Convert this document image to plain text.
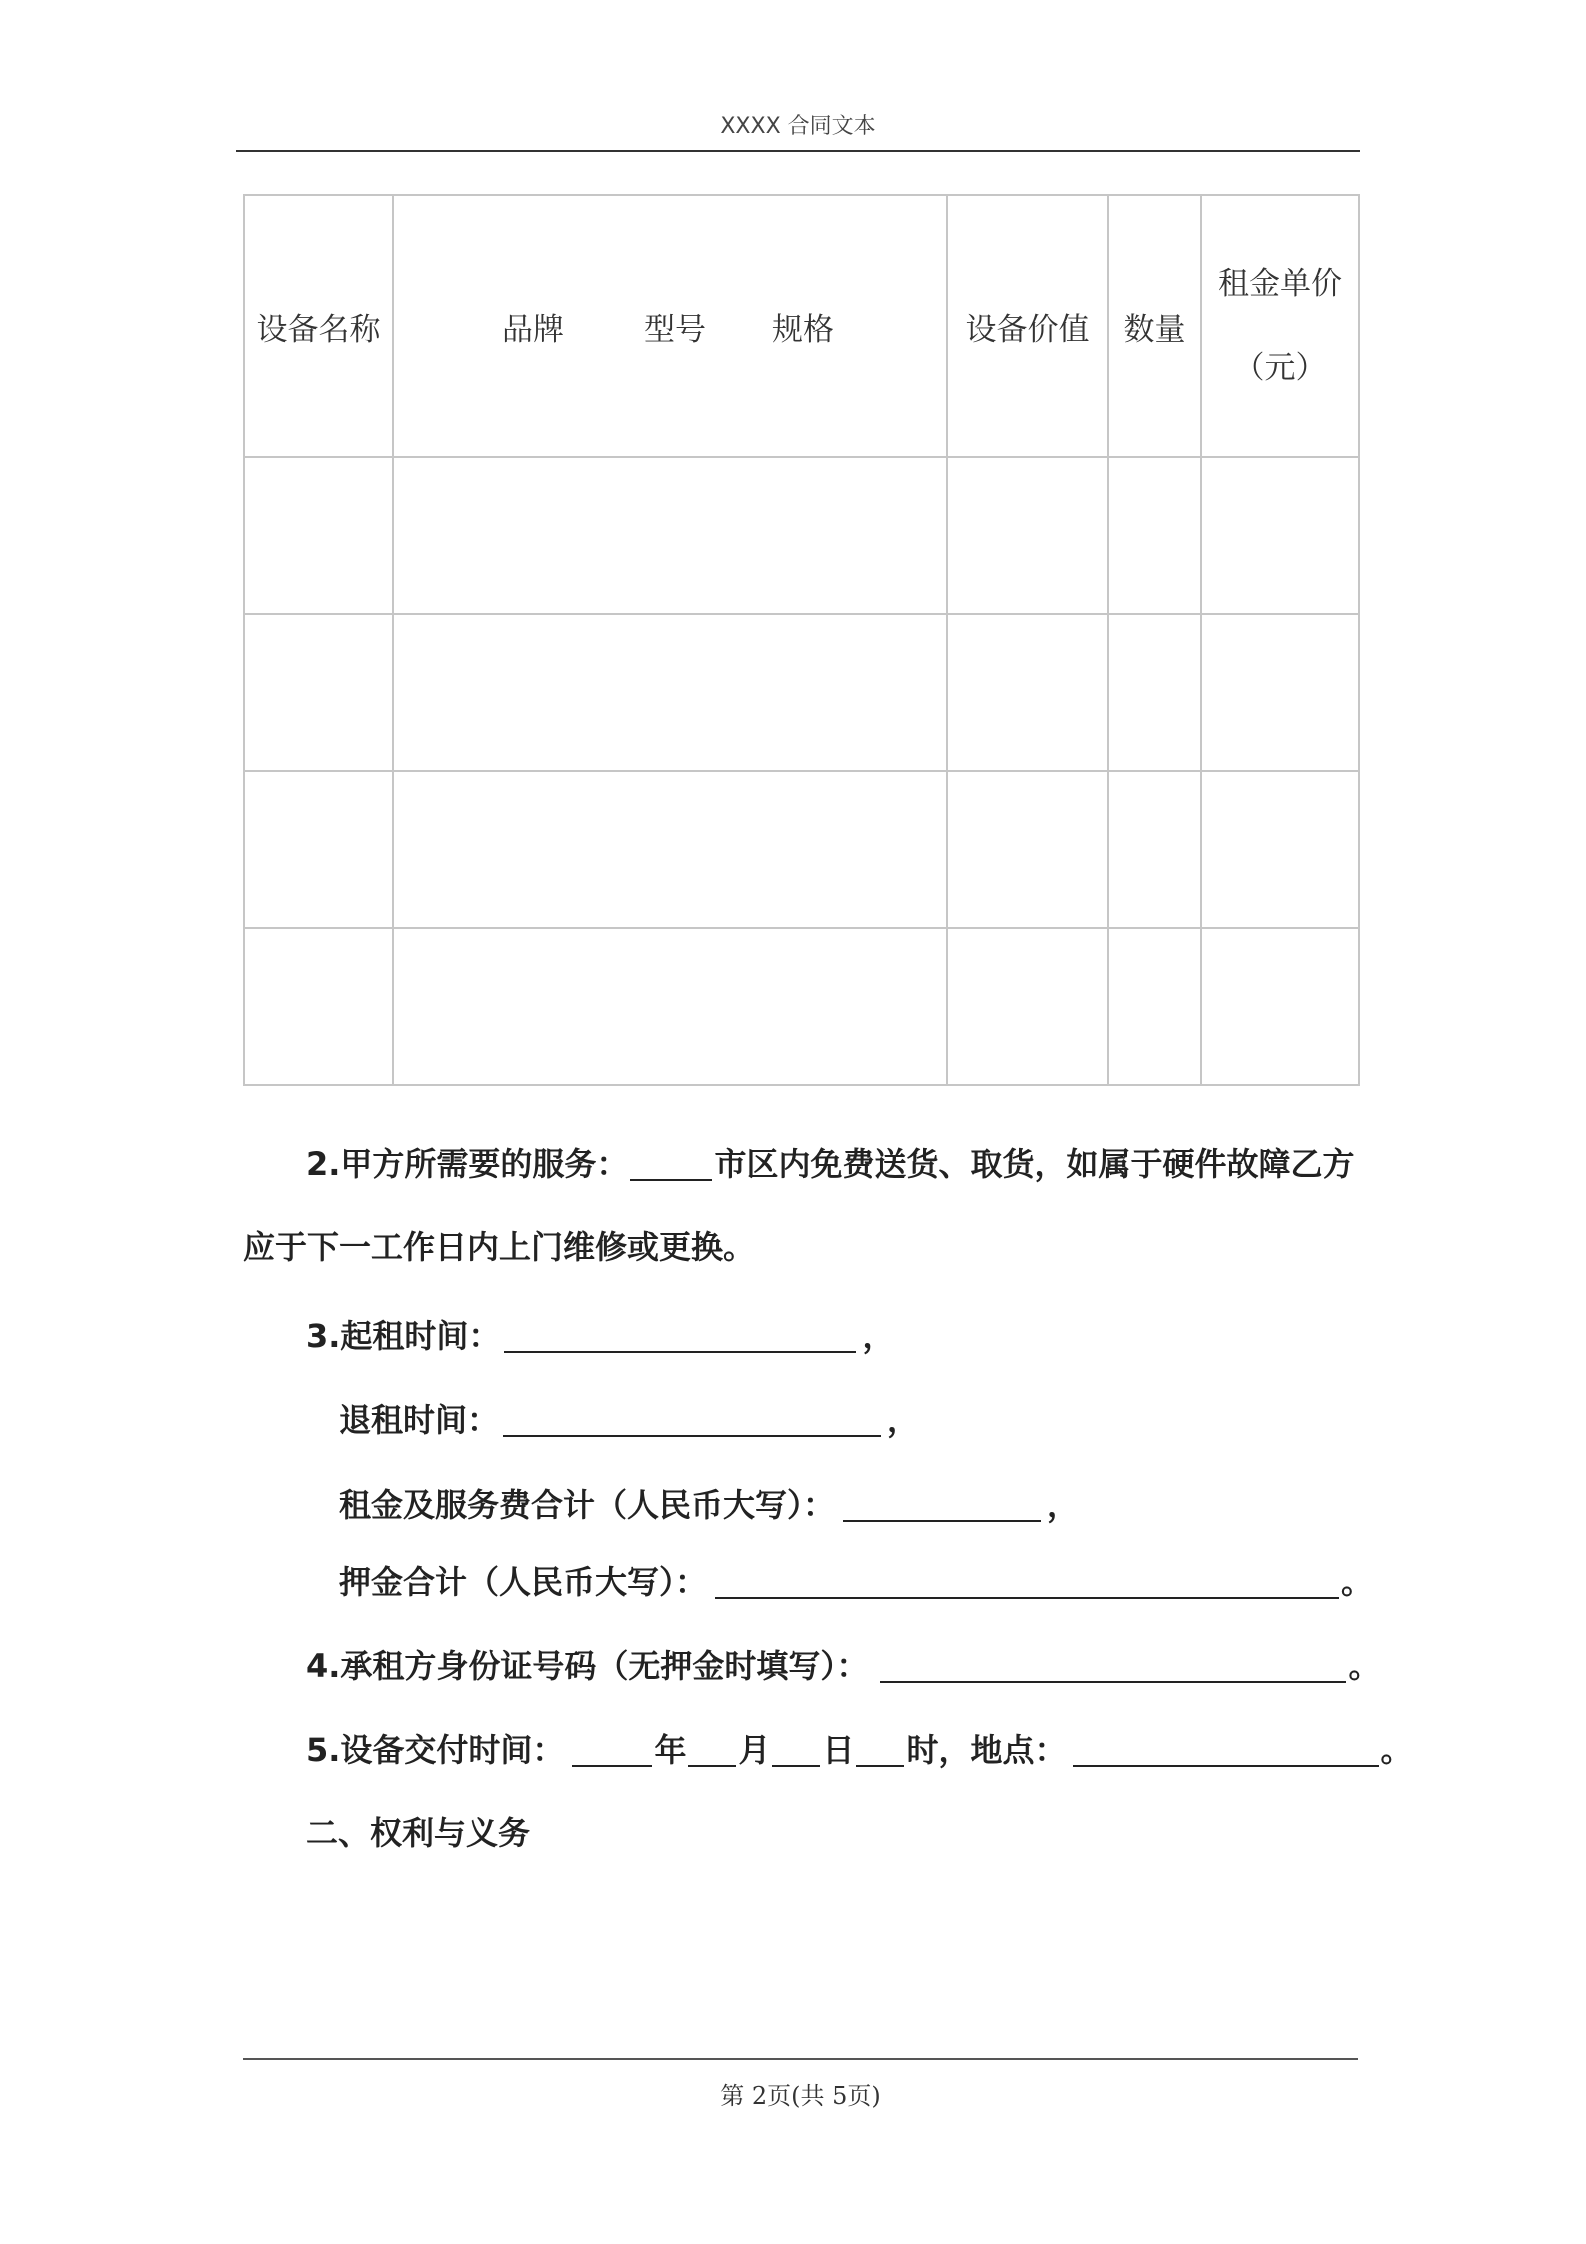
XXXX 合同文本
设备名称	品牌 型号 规格	设备价值	数量	租金单价
（元）

2.甲方所需要的服务：	市区内免费送货、取货，如属于硬件故障乙方
应于下一工作日内上门维修或更换。
3.起租时间：	，
退租时间：	，
租金及服务费合计（人民币大写）：	，
押金合计（人民币大写）：	。
4.承租方身份证号码（无押金时填写）：	。
5.设备交付时间：	年 月 日 时，地点：	。
二、权利与义务
第 2页(共 5页)
